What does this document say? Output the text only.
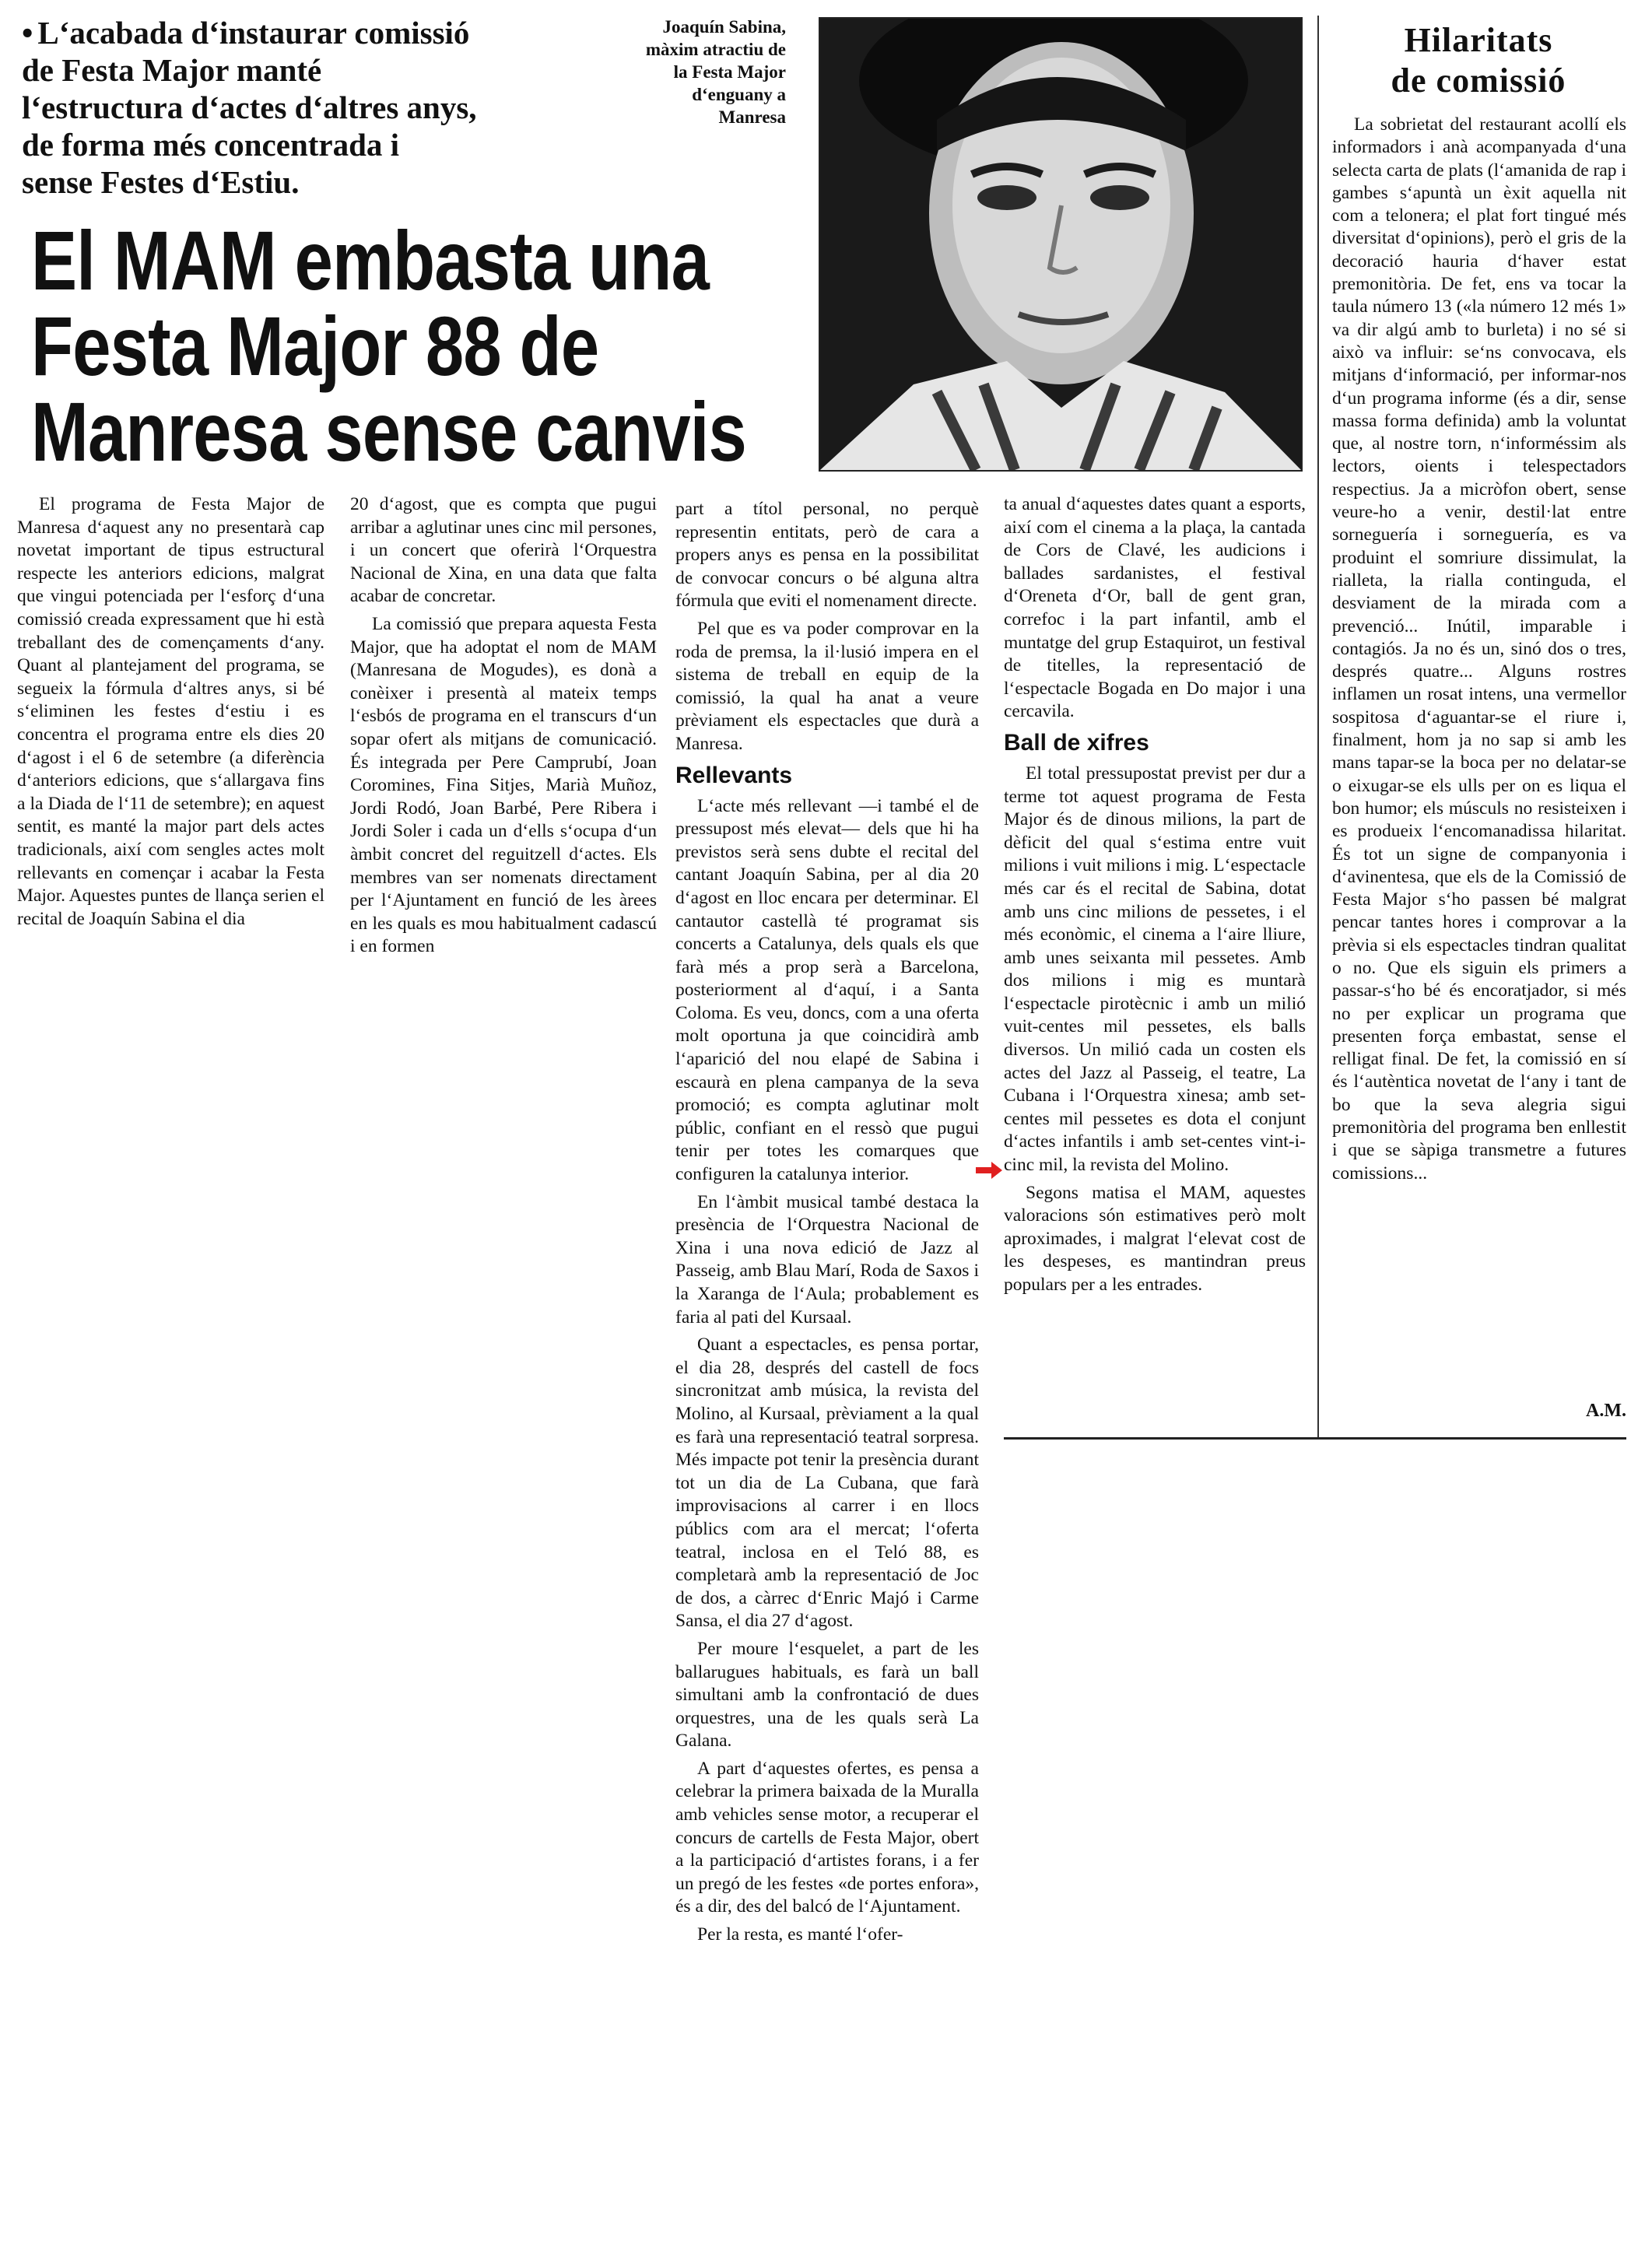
• L‘acabada d‘instaurar comissió
de Festa Major manté
l‘estructura d‘actes d‘altres anys,
de forma més concentrada i
sense Festes d‘Estiu.
El MAM embasta una
Festa Major 88 de
Manresa sense canvis
Joaquín Sabina,
màxim atractiu de
la Festa Major
d‘enguany a
Manresa
Hilaritats
de comissió

La sobrietat del restaurant acollí els informadors i anà acompanyada d‘una selecta carta de plats (l‘amanida de rap i gambes s‘apuntà un èxit aquella nit com a telonera; el plat fort tingué més diversitat d‘opinions), però el gris de la decoració hauria d‘haver estat premonitòria. De fet, ens va tocar la taula número 13 («la número 12 més 1» va dir algú amb to burleta) i no sé si això va influir: se‘ns convocava, els mitjans d‘informació, per informar-nos d‘un programa informe (és a dir, sense massa forma definida) amb la voluntat que, al nostre torn, n‘informéssim als lectors, oients i telespectadors respectius. Ja a micròfon obert, sense veure-ho a venir, destil·lat entre sorneguería i sorneguería, es va produint el somriure dissimulat, la rialleta, la rialla continguda, el desviament de la mirada com a prevenció... Inútil, imparable i contagiós. Ja no és un, sinó dos o tres, després quatre... Alguns rostres inflamen un rosat intens, una vermellor sospitosa d‘aguantar-se el riure i, finalment, hom ja no sap si amb les mans tapar-se la boca per no delatar-se o eixugar-se els ulls per on es liqua el bon humor; els músculs no resisteixen i es produeix l‘encomanadissa hilaritat. És tot un signe de companyonia i d‘avinentesa, que els de la Comissió de Festa Major s‘ho passen bé malgrat pencar tantes hores i comprovar a la prèvia si els espectacles tindran qualitat o no. Que els siguin els primers a passar-s‘ho bé és encoratjador, si més no per explicar un programa que presenten força embastat, sense el relligat final. De fet, la comissió en sí és l‘autèntica novetat de l‘any i tant de bo que la seva alegria sigui premonitòria del programa ben enllestit i que se sàpiga transmetre a futures comissions...

A.M.

El programa de Festa Major de Manresa d‘aquest any no presentarà cap novetat important de tipus estructural respecte les anteriors edicions, malgrat que vingui potenciada per l‘esforç d‘una comissió creada expressament que hi està treballant des de començaments d‘any. Quant al plantejament del programa, se segueix la fórmula d‘altres anys, si bé s‘eliminen les festes d‘estiu i es concentra el programa entre els dies 20 d‘agost i el 6 de setembre (a diferència d‘anteriors edicions, que s‘allargava fins a la Diada de l‘11 de setembre); en aquest sentit, es manté la major part dels actes tradicionals, així com sengles actes molt rellevants en començar i acabar la Festa Major. Aquestes puntes de llança serien el recital de Joaquín Sabina el dia

20 d‘agost, que es compta que pugui arribar a aglutinar unes cinc mil persones, i un concert que oferirà l‘Orquestra Nacional de Xina, en una data que falta acabar de concretar.

La comissió que prepara aquesta Festa Major, que ha adoptat el nom de MAM (Manresana de Mogudes), es donà a conèixer i presentà al mateix temps l‘esbós de programa en el transcurs d‘un sopar ofert als mitjans de comunicació. És integrada per Pere Camprubí, Joan Coromines, Fina Sitjes, Marià Muñoz, Jordi Rodó, Joan Barbé, Pere Ribera i Jordi Soler i cada un d‘ells s‘ocupa d‘un àmbit concret del reguitzell d‘actes. Els membres van ser nomenats directament per l‘Ajuntament en funció de les àrees en les quals es mou habitualment cadascú i en formen

part a títol personal, no perquè representin entitats, però de cara a propers anys es pensa en la possibilitat de convocar concurs o bé alguna altra fórmula que eviti el nomenament directe.

Pel que es va poder comprovar en la roda de premsa, la il·lusió impera en el sistema de treball en equip de la comissió, la qual ha anat a veure prèviament els espectacles que durà a Manresa.

Rellevants

L‘acte més rellevant —i també el de pressupost més elevat— dels que hi ha previstos serà sens dubte el recital del cantant Joaquín Sabina, per al dia 20 d‘agost en lloc encara per determinar. El cantautor castellà té programat sis concerts a Catalunya, dels quals els que farà més a prop serà a Barcelona, posteriorment al d‘aquí, i a Santa Coloma. Es veu, doncs, com a una oferta molt oportuna ja que coincidirà amb l‘aparició del nou elapé de Sabina i escaurà en plena campanya de la seva promoció; es compta aglutinar molt públic, confiant en el ressò que pugui tenir per totes les comarques que configuren la catalunya interior.

En l‘àmbit musical també destaca la presència de l‘Orquestra Nacional de Xina i una nova edició de Jazz al Passeig, amb Blau Marí, Roda de Saxos i la Xaranga de l‘Aula; probablement es faria al pati del Kursaal.

Quant a espectacles, es pensa portar, el dia 28, després del castell de focs sincronitzat amb música, la revista del Molino, al Kursaal, prèviament a la qual es farà una representació teatral sorpresa. Més impacte pot tenir la presència durant tot un dia de La Cubana, que farà improvisacions al carrer i en llocs públics com ara el mercat; l‘oferta teatral, inclosa en el Teló 88, es completarà amb la representació de Joc de dos, a càrrec d‘Enric Majó i Carme Sansa, el dia 27 d‘agost.

Per moure l‘esquelet, a part de les ballarugues habituals, es farà un ball simultani amb la confrontació de dues orquestres, una de les quals serà La Galana.

A part d‘aquestes ofertes, es pensa a celebrar la primera baixada de la Muralla amb vehicles sense motor, a recuperar el concurs de cartells de Festa Major, obert a la participació d‘artistes forans, i a fer un pregó de les festes «de portes enfora», és a dir, des del balcó de l‘Ajuntament.

Per la resta, es manté l‘ofer-

ta anual d‘aquestes dates quant a esports, així com el cinema a la plaça, la cantada de Cors de Clavé, les audicions i ballades sardanistes, el festival d‘Oreneta d‘Or, ball de gent gran, correfoc i la part infantil, amb el muntatge del grup Estaquirot, un festival de titelles, la representació de l‘espectacle Bogada en Do major i una cercavila.

Ball de xifres

El total pressupostat previst per dur a terme tot aquest programa de Festa Major és de dinous milions, la part de dèficit del qual s‘estima entre vuit milions i vuit milions i mig. L‘espectacle més car és el recital de Sabina, dotat amb uns cinc milions de pessetes, i el més econòmic, el cinema a l‘aire lliure, amb unes seixanta mil pessetes. Amb dos milions i mig es muntarà l‘espectacle pirotècnic i amb un milió vuit-centes mil pessetes, els balls diversos. Un milió cada un costen els actes del Jazz al Passeig, el teatre, La Cubana i l‘Orquestra xinesa; amb set-centes mil pessetes es dota el conjunt d‘actes infantils i amb set-centes vint-i-cinc mil, la revista del Molino.

Segons matisa el MAM, aquestes valoracions són estimatives però molt aproximades, i malgrat l‘elevat cost de les despeses, es mantindran preus populars per a les entrades.
